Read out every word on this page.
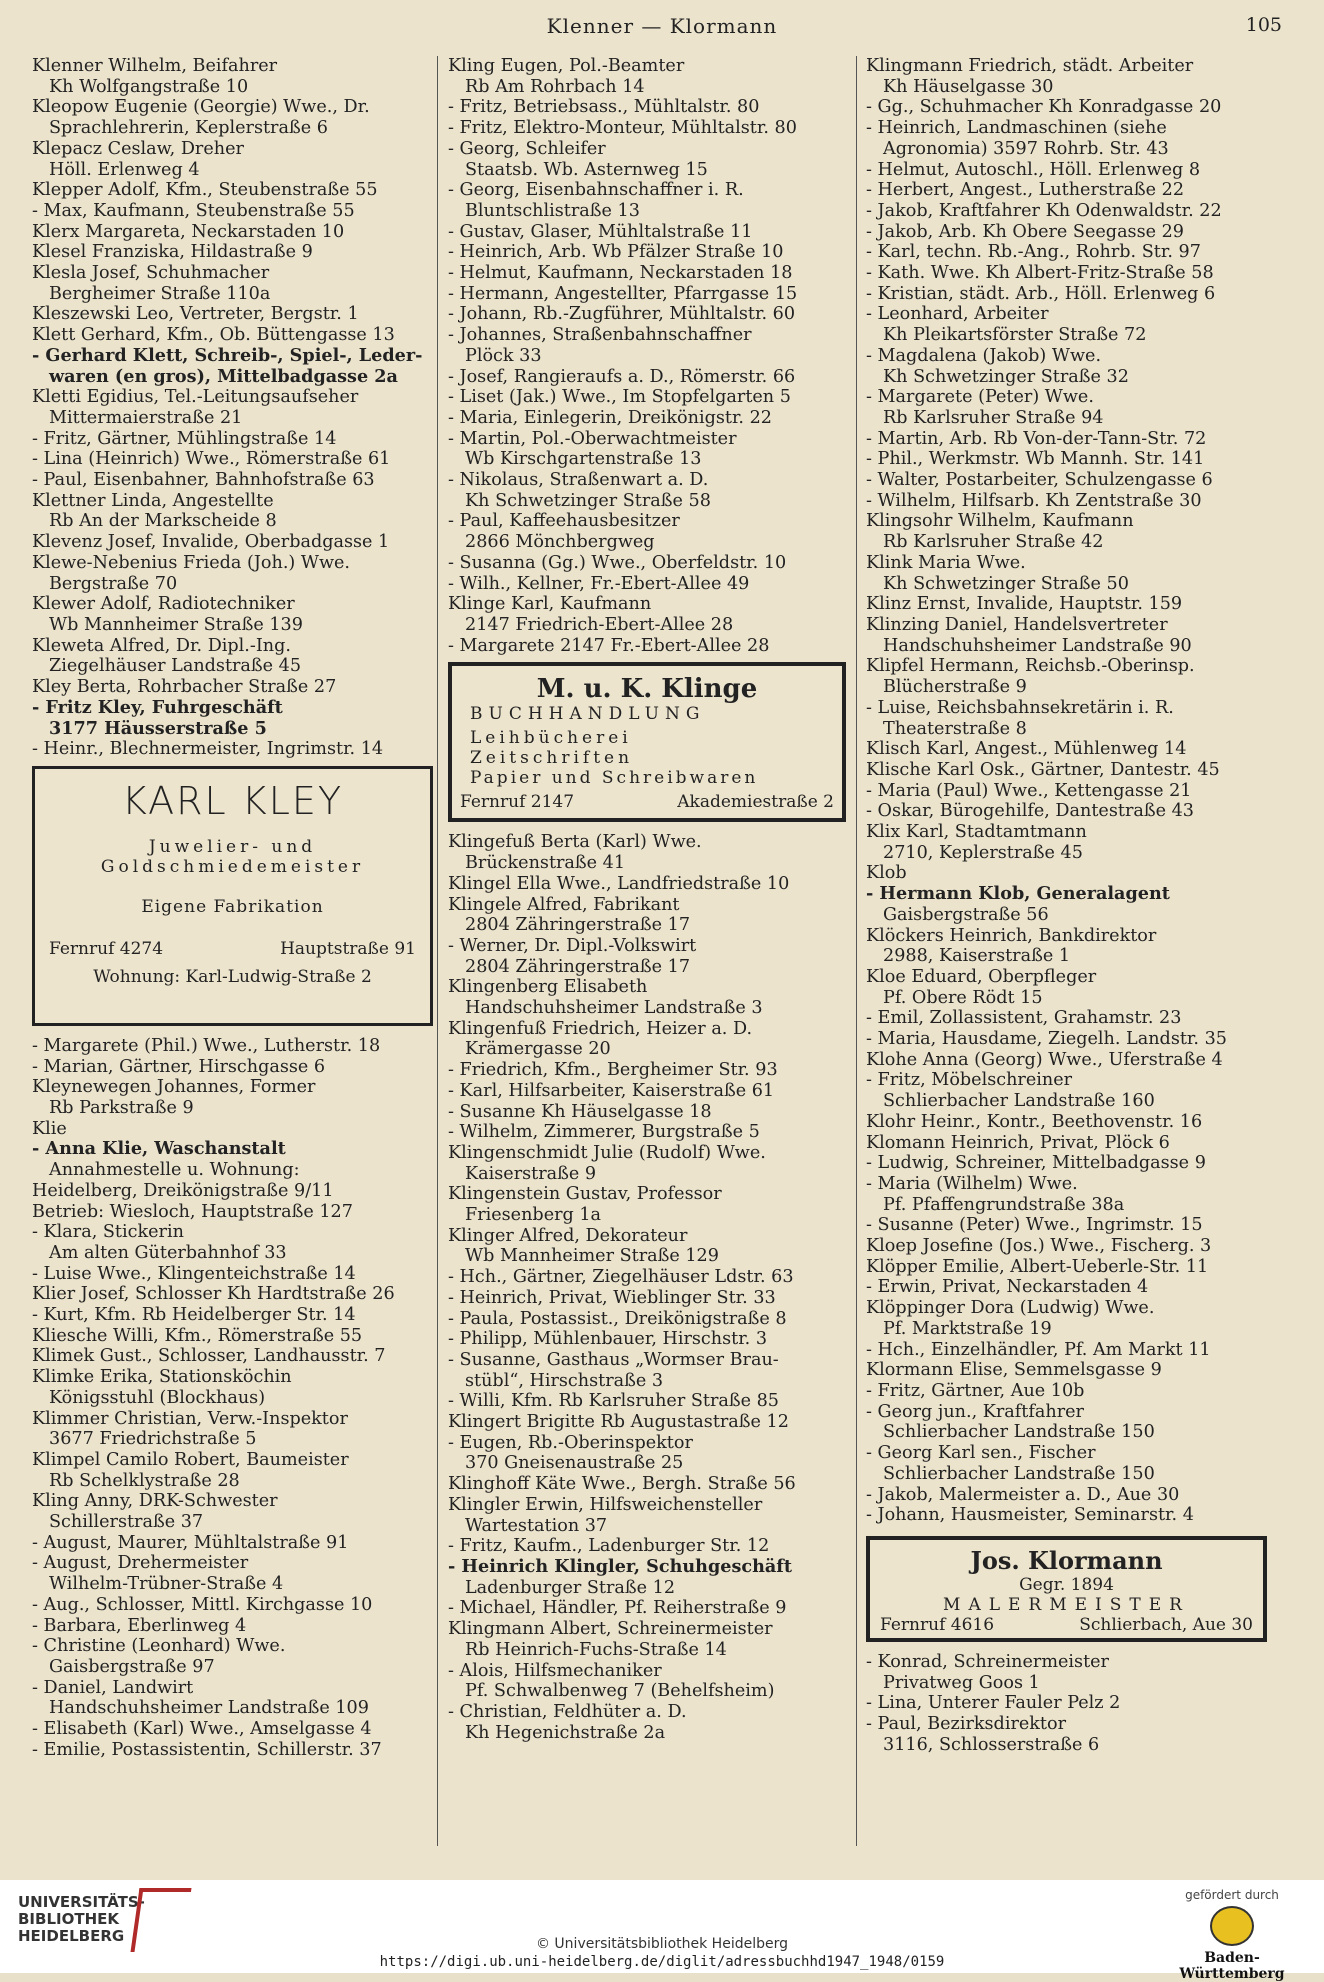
Klenner — Klormann	105
Klenner Wilhelm, Beifahrer
Kh Wolfgangstraße 10
Kleopow Eugenie (Georgie) Wwe., Dr.
Sprachlehrerin, Keplerstraße 6
Klepacz Ceslaw, Dreher
Höll. Erlenweg 4
Klepper Adolf, Kfm., Steubenstraße 55
- Max, Kaufmann, Steubenstraße 55
Klerx Margareta, Neckarstaden 10
Klesel Franziska, Hildastraße 9
Klesla Josef, Schuhmacher
Bergheimer Straße 110a
Kleszewski Leo, Vertreter, Bergstr. 1
Klett Gerhard, Kfm., Ob. Büttengasse 13
- Gerhard Klett, Schreib-, Spiel-, Leder-
waren (en gros), Mittelbadgasse 2a
Kletti Egidius, Tel.-Leitungsaufseher
Mittermaierstraße 21
- Fritz, Gärtner, Mühlingstraße 14
- Lina (Heinrich) Wwe., Römerstraße 61
- Paul, Eisenbahner, Bahnhofstraße 63
Klettner Linda, Angestellte
Rb An der Markscheide 8
Klevenz Josef, Invalide, Oberbadgasse 1
Klewe-Nebenius Frieda (Joh.) Wwe.
Bergstraße 70
Klewer Adolf, Radiotechniker
Wb Mannheimer Straße 139
Kleweta Alfred, Dr. Dipl.-Ing.
Ziegelhäuser Landstraße 45
Kley Berta, Rohrbacher Straße 27
- Fritz Kley, Fuhrgeschäft
3177 Häusserstraße 5
- Heinr., Blechnermeister, Ingrimstr. 14
KARL KLEY
Juwelier- und
Goldschmiedemeister
Eigene Fabrikation
Fernruf 4274	Hauptstraße 91
Wohnung: Karl-Ludwig-Straße 2
- Margarete (Phil.) Wwe., Lutherstr. 18
- Marian, Gärtner, Hirschgasse 6
Kleynewegen Johannes, Former
Rb Parkstraße 9
Klie
- Anna Klie, Waschanstalt
Annahmestelle u. Wohnung:
Heidelberg, Dreikönigstraße 9/11
Betrieb: Wiesloch, Hauptstraße 127
- Klara, Stickerin
Am alten Güterbahnhof 33
- Luise Wwe., Klingenteichstraße 14
Klier Josef, Schlosser Kh Hardtstraße 26
- Kurt, Kfm. Rb Heidelberger Str. 14
Kliesche Willi, Kfm., Römerstraße 55
Klimek Gust., Schlosser, Landhausstr. 7
Klimke Erika, Stationsköchin
Königsstuhl (Blockhaus)
Klimmer Christian, Verw.-Inspektor
3677 Friedrichstraße 5
Klimpel Camilo Robert, Baumeister
Rb Schelklystraße 28
Kling Anny, DRK-Schwester
Schillerstraße 37
- August, Maurer, Mühltalstraße 91
- August, Drehermeister
Wilhelm-Trübner-Straße 4
- Aug., Schlosser, Mittl. Kirchgasse 10
- Barbara, Eberlinweg 4
- Christine (Leonhard) Wwe.
Gaisbergstraße 97
- Daniel, Landwirt
Handschuhsheimer Landstraße 109
- Elisabeth (Karl) Wwe., Amselgasse 4
- Emilie, Postassistentin, Schillerstr. 37
Kling Eugen, Pol.-Beamter
Rb Am Rohrbach 14
- Fritz, Betriebsass., Mühltalstr. 80
- Fritz, Elektro-Monteur, Mühltalstr. 80
- Georg, Schleifer
Staatsb. Wb. Asternweg 15
- Georg, Eisenbahnschaffner i. R.
Bluntschlistraße 13
- Gustav, Glaser, Mühltalstraße 11
- Heinrich, Arb. Wb Pfälzer Straße 10
- Helmut, Kaufmann, Neckarstaden 18
- Hermann, Angestellter, Pfarrgasse 15
- Johann, Rb.-Zugführer, Mühltalstr. 60
- Johannes, Straßenbahnschaffner
Plöck 33
- Josef, Rangieraufs a. D., Römerstr. 66
- Liset (Jak.) Wwe., Im Stopfelgarten 5
- Maria, Einlegerin, Dreikönigstr. 22
- Martin, Pol.-Oberwachtmeister
Wb Kirschgartenstraße 13
- Nikolaus, Straßenwart a. D.
Kh Schwetzinger Straße 58
- Paul, Kaffeehausbesitzer
2866 Mönchbergweg
- Susanna (Gg.) Wwe., Oberfeldstr. 10
- Wilh., Kellner, Fr.-Ebert-Allee 49
Klinge Karl, Kaufmann
2147 Friedrich-Ebert-Allee 28
- Margarete 2147 Fr.-Ebert-Allee 28
M. u. K. Klinge
BUCHHANDLUNG
Leihbücherei
Zeitschriften
Papier und Schreibwaren
Fernruf 2147	Akademiestraße 2
Klingefuß Berta (Karl) Wwe.
Brückenstraße 41
Klingel Ella Wwe., Landfriedstraße 10
Klingele Alfred, Fabrikant
2804 Zähringerstraße 17
- Werner, Dr. Dipl.-Volkswirt
2804 Zähringerstraße 17
Klingenberg Elisabeth
Handschuhsheimer Landstraße 3
Klingenfuß Friedrich, Heizer a. D.
Krämergasse 20
- Friedrich, Kfm., Bergheimer Str. 93
- Karl, Hilfsarbeiter, Kaiserstraße 61
- Susanne Kh Häuselgasse 18
- Wilhelm, Zimmerer, Burgstraße 5
Klingenschmidt Julie (Rudolf) Wwe.
Kaiserstraße 9
Klingenstein Gustav, Professor
Friesenberg 1a
Klinger Alfred, Dekorateur
Wb Mannheimer Straße 129
- Hch., Gärtner, Ziegelhäuser Ldstr. 63
- Heinrich, Privat, Wieblinger Str. 33
- Paula, Postassist., Dreikönigstraße 8
- Philipp, Mühlenbauer, Hirschstr. 3
- Susanne, Gasthaus „Wormser Brau-
stübl“, Hirschstraße 3
- Willi, Kfm. Rb Karlsruher Straße 85
Klingert Brigitte Rb Augustastraße 12
- Eugen, Rb.-Oberinspektor
370 Gneisenaustraße 25
Klinghoff Käte Wwe., Bergh. Straße 56
Klingler Erwin, Hilfsweichensteller
Wartestation 37
- Fritz, Kaufm., Ladenburger Str. 12
- Heinrich Klingler, Schuhgeschäft
Ladenburger Straße 12
- Michael, Händler, Pf. Reiherstraße 9
Klingmann Albert, Schreinermeister
Rb Heinrich-Fuchs-Straße 14
- Alois, Hilfsmechaniker
Pf. Schwalbenweg 7 (Behelfsheim)
- Christian, Feldhüter a. D.
Kh Hegenichstraße 2a
Klingmann Friedrich, städt. Arbeiter
Kh Häuselgasse 30
- Gg., Schuhmacher Kh Konradgasse 20
- Heinrich, Landmaschinen (siehe
Agronomia) 3597 Rohrb. Str. 43
- Helmut, Autoschl., Höll. Erlenweg 8
- Herbert, Angest., Lutherstraße 22
- Jakob, Kraftfahrer Kh Odenwaldstr. 22
- Jakob, Arb. Kh Obere Seegasse 29
- Karl, techn. Rb.-Ang., Rohrb. Str. 97
- Kath. Wwe. Kh Albert-Fritz-Straße 58
- Kristian, städt. Arb., Höll. Erlenweg 6
- Leonhard, Arbeiter
Kh Pleikartsförster Straße 72
- Magdalena (Jakob) Wwe.
Kh Schwetzinger Straße 32
- Margarete (Peter) Wwe.
Rb Karlsruher Straße 94
- Martin, Arb. Rb Von-der-Tann-Str. 72
- Phil., Werkmstr. Wb Mannh. Str. 141
- Walter, Postarbeiter, Schulzengasse 6
- Wilhelm, Hilfsarb. Kh Zentstraße 30
Klingsohr Wilhelm, Kaufmann
Rb Karlsruher Straße 42
Klink Maria Wwe.
Kh Schwetzinger Straße 50
Klinz Ernst, Invalide, Hauptstr. 159
Klinzing Daniel, Handelsvertreter
Handschuhsheimer Landstraße 90
Klipfel Hermann, Reichsb.-Oberinsp.
Blücherstraße 9
- Luise, Reichsbahnsekretärin i. R.
Theaterstraße 8
Klisch Karl, Angest., Mühlenweg 14
Klische Karl Osk., Gärtner, Dantestr. 45
- Maria (Paul) Wwe., Kettengasse 21
- Oskar, Bürogehilfe, Dantestraße 43
Klix Karl, Stadtamtmann
2710, Keplerstraße 45
Klob
- Hermann Klob, Generalagent
Gaisbergstraße 56
Klöckers Heinrich, Bankdirektor
2988, Kaiserstraße 1
Kloe Eduard, Oberpfleger
Pf. Obere Rödt 15
- Emil, Zollassistent, Grahamstr. 23
- Maria, Hausdame, Ziegelh. Landstr. 35
Klohe Anna (Georg) Wwe., Uferstraße 4
- Fritz, Möbelschreiner
Schlierbacher Landstraße 160
Klohr Heinr., Kontr., Beethovenstr. 16
Klomann Heinrich, Privat, Plöck 6
- Ludwig, Schreiner, Mittelbadgasse 9
- Maria (Wilhelm) Wwe.
Pf. Pfaffengrundstraße 38a
- Susanne (Peter) Wwe., Ingrimstr. 15
Kloep Josefine (Jos.) Wwe., Fischerg. 3
Klöpper Emilie, Albert-Ueberle-Str. 11
- Erwin, Privat, Neckarstaden 4
Klöppinger Dora (Ludwig) Wwe.
Pf. Marktstraße 19
- Hch., Einzelhändler, Pf. Am Markt 11
Klormann Elise, Semmelsgasse 9
- Fritz, Gärtner, Aue 10b
- Georg jun., Kraftfahrer
Schlierbacher Landstraße 150
- Georg Karl sen., Fischer
Schlierbacher Landstraße 150
- Jakob, Malermeister a. D., Aue 30
- Johann, Hausmeister, Seminarstr. 4
Jos. Klormann
Gegr. 1894
MALERMEISTER
Fernruf 4616	Schlierbach, Aue 30
- Konrad, Schreinermeister
Privatweg Goos 1
- Lina, Unterer Fauler Pelz 2
- Paul, Bezirksdirektor
3116, Schlosserstraße 6
UNIVERSITÄTS-
BIBLIOTHEK
HEIDELBERG	© Universitätsbibliothek Heidelberg
https://digi.ub.uni-heidelberg.de/diglit/adressbuchhd1947_1948/0159
gefördert durch
Baden-Württemberg
